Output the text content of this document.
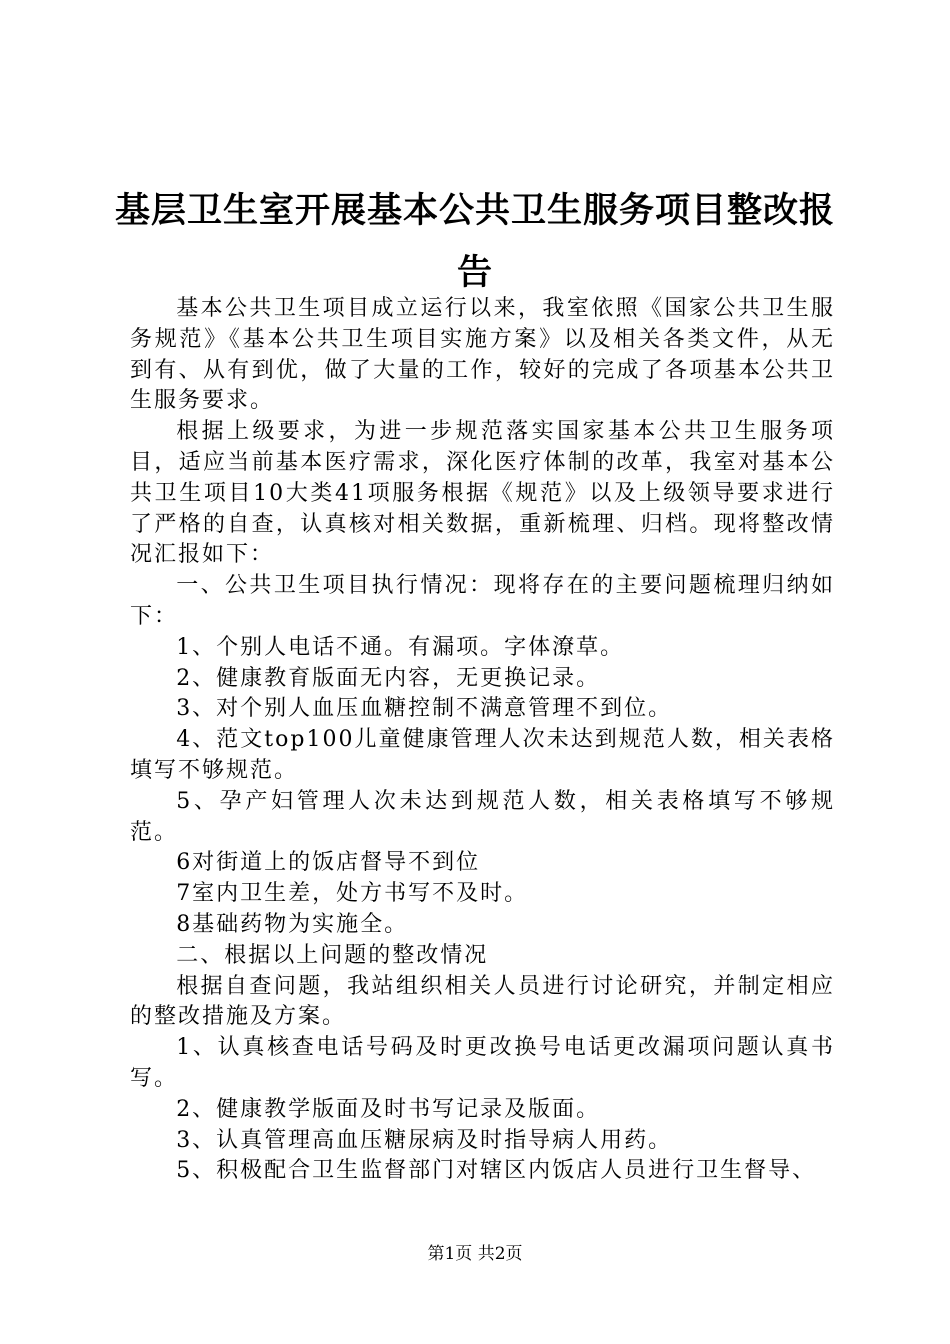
基层卫生室开展基本公共卫生服务项目整改报告

基本公共卫生项目成立运行以来，我室依照《国家公共卫生服务规范》《基本公共卫生项目实施方案》以及相关各类文件，从无到有、从有到优，做了大量的工作，较好的完成了各项基本公共卫生服务要求。

根据上级要求，为进一步规范落实国家基本公共卫生服务项目，适应当前基本医疗需求，深化医疗体制的改革，我室对基本公共卫生项目10大类41项服务根据《规范》以及上级领导要求进行了严格的自查，认真核对相关数据，重新梳理、归档。现将整改情况汇报如下：

一、公共卫生项目执行情况：现将存在的主要问题梳理归纳如下：

1、个别人电话不通。有漏项。字体潦草。

2、健康教育版面无内容，无更换记录。

3、对个别人血压血糖控制不满意管理不到位。

4、范文top100儿童健康管理人次未达到规范人数，相关表格填写不够规范。

5、孕产妇管理人次未达到规范人数，相关表格填写不够规范。

6对街道上的饭店督导不到位

7室内卫生差，处方书写不及时。

8基础药物为实施全。

二、根据以上问题的整改情况

根据自查问题，我站组织相关人员进行讨论研究，并制定相应的整改措施及方案。

1、认真核查电话号码及时更改换号电话更改漏项问题认真书写。

2、健康教学版面及时书写记录及版面。

3、认真管理高血压糖尿病及时指导病人用药。

5、积极配合卫生监督部门对辖区内饭店人员进行卫生督导、

第1页 共2页
